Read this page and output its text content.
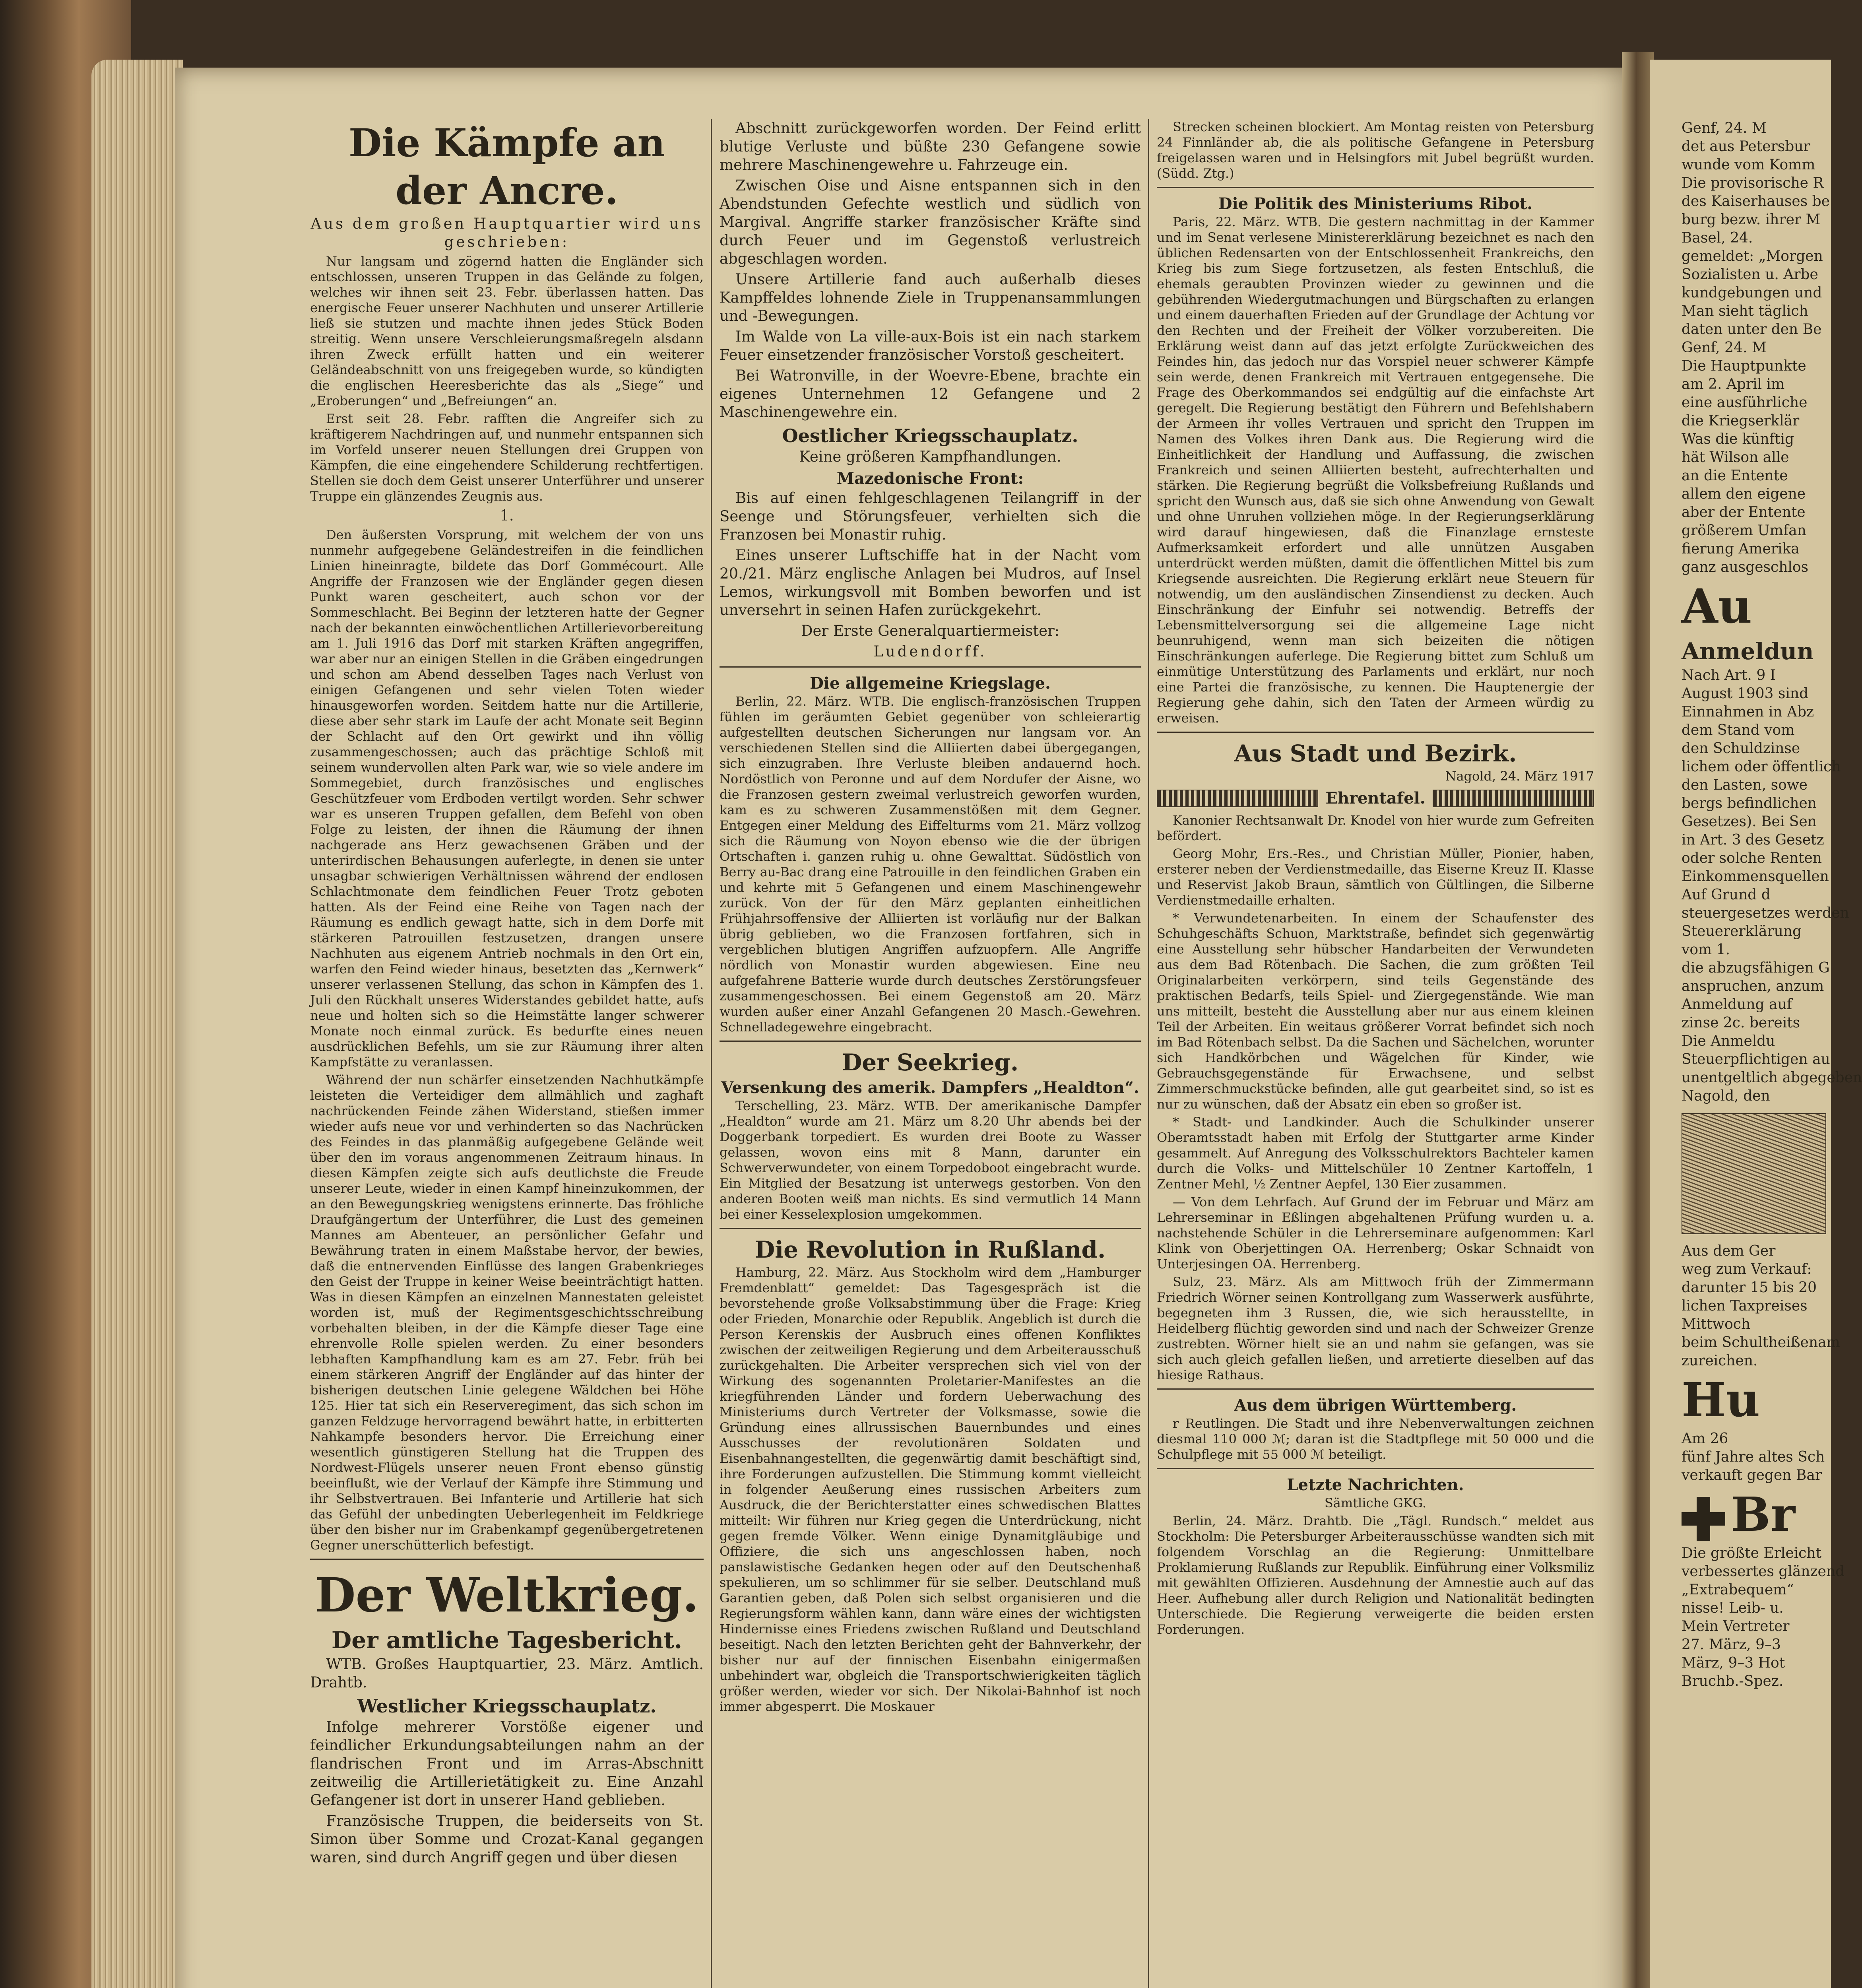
Die Kämpfe an der Ancre.

Aus dem großen Hauptquartier wird uns geschrieben:

Nur langsam und zögernd hatten die Engländer sich entschlossen, unseren Truppen in das Gelände zu folgen, welches wir ihnen seit 23. Febr. überlassen hatten. Das energische Feuer unserer Nachhuten und unserer Artillerie ließ sie stutzen und machte ihnen jedes Stück Boden streitig. Wenn unsere Verschleierungsmaßregeln alsdann ihren Zweck erfüllt hatten und ein weiterer Geländeabschnitt von uns freigegeben wurde, so kündigten die englischen Heeresberichte das als „Siege“ und „Eroberungen“ und „Befreiungen“ an.

Erst seit 28. Febr. rafften die Angreifer sich zu kräftigerem Nachdringen auf, und nunmehr entspannen sich im Vorfeld unserer neuen Stellungen drei Gruppen von Kämpfen, die eine eingehendere Schilderung rechtfertigen. Stellen sie doch dem Geist unserer Unterführer und unserer Truppe ein glänzendes Zeugnis aus.

1.

Den äußersten Vorsprung, mit welchem der von uns nunmehr aufgegebene Geländestreifen in die feindlichen Linien hineinragte, bildete das Dorf Gommécourt. Alle Angriffe der Franzosen wie der Engländer gegen diesen Punkt waren gescheitert, auch schon vor der Sommeschlacht. Bei Beginn der letzteren hatte der Gegner nach der bekannten einwöchentlichen Artillerievorbereitung am 1. Juli 1916 das Dorf mit starken Kräften angegriffen, war aber nur an einigen Stellen in die Gräben eingedrungen und schon am Abend desselben Tages nach Verlust von einigen Gefangenen und sehr vielen Toten wieder hinausgeworfen worden. Seitdem hatte nur die Artillerie, diese aber sehr stark im Laufe der acht Monate seit Beginn der Schlacht auf den Ort gewirkt und ihn völlig zusammengeschossen; auch das prächtige Schloß mit seinem wundervollen alten Park war, wie so viele andere im Sommegebiet, durch französisches und englisches Geschützfeuer vom Erdboden vertilgt worden. Sehr schwer war es unseren Truppen gefallen, dem Befehl von oben Folge zu leisten, der ihnen die Räumung der ihnen nachgerade ans Herz gewachsenen Gräben und der unterirdischen Behausungen auferlegte, in denen sie unter unsagbar schwierigen Verhältnissen während der endlosen Schlachtmonate dem feindlichen Feuer Trotz geboten hatten. Als der Feind eine Reihe von Tagen nach der Räumung es endlich gewagt hatte, sich in dem Dorfe mit stärkeren Patrouillen festzusetzen, drangen unsere Nachhuten aus eigenem Antrieb nochmals in den Ort ein, warfen den Feind wieder hinaus, besetzten das „Kernwerk“ unserer verlassenen Stellung, das schon in Kämpfen des 1. Juli den Rückhalt unseres Widerstandes gebildet hatte, aufs neue und holten sich so die Heimstätte langer schwerer Monate noch einmal zurück. Es bedurfte eines neuen ausdrücklichen Befehls, um sie zur Räumung ihrer alten Kampfstätte zu veranlassen.

Während der nun schärfer einsetzenden Nachhutkämpfe leisteten die Verteidiger dem allmählich und zaghaft nachrückenden Feinde zähen Widerstand, stießen immer wieder aufs neue vor und verhinderten so das Nachrücken des Feindes in das planmäßig aufgegebene Gelände weit über den im voraus angenommenen Zeitraum hinaus. In diesen Kämpfen zeigte sich aufs deutlichste die Freude unserer Leute, wieder in einen Kampf hineinzukommen, der an den Bewegungskrieg wenigstens erinnerte. Das fröhliche Draufgängertum der Unterführer, die Lust des gemeinen Mannes am Abenteuer, an persönlicher Gefahr und Bewährung traten in einem Maßstabe hervor, der bewies, daß die entnervenden Einflüsse des langen Grabenkrieges den Geist der Truppe in keiner Weise beeinträchtigt hatten. Was in diesen Kämpfen an einzelnen Mannestaten geleistet worden ist, muß der Regimentsgeschichtsschreibung vorbehalten bleiben, in der die Kämpfe dieser Tage eine ehrenvolle Rolle spielen werden. Zu einer besonders lebhaften Kampfhandlung kam es am 27. Febr. früh bei einem stärkeren Angriff der Engländer auf das hinter der bisherigen deutschen Linie gelegene Wäldchen bei Höhe 125. Hier tat sich ein Reserveregiment, das sich schon im ganzen Feldzuge hervorragend bewährt hatte, in erbitterten Nahkampfe besonders hervor. Die Erreichung einer wesentlich günstigeren Stellung hat die Truppen des Nordwest-Flügels unserer neuen Front ebenso günstig beeinflußt, wie der Verlauf der Kämpfe ihre Stimmung und ihr Selbstvertrauen. Bei Infanterie und Artillerie hat sich das Gefühl der unbedingten Ueberlegenheit im Feldkriege über den bisher nur im Grabenkampf gegenübergetretenen Gegner unerschütterlich befestigt.

Der Weltkrieg.
Der amtliche Tagesbericht.

WTB. Großes Hauptquartier, 23. März. Amtlich. Drahtb.

Westlicher Kriegsschauplatz.

Infolge mehrerer Vorstöße eigener und feindlicher Erkundungsabteilungen nahm an der flandrischen Front und im Arras-Abschnitt zeitweilig die Artillerietätigkeit zu. Eine Anzahl Gefangener ist dort in unserer Hand geblieben.

Französische Truppen, die beiderseits von St. Simon über Somme und Crozat-Kanal gegangen waren, sind durch Angriff gegen und über diesen

Abschnitt zurückgeworfen worden. Der Feind erlitt blutige Verluste und büßte 230 Gefangene sowie mehrere Maschinengewehre u. Fahrzeuge ein.

Zwischen Oise und Aisne entspannen sich in den Abendstunden Gefechte westlich und südlich von Margival. Angriffe starker französischer Kräfte sind durch Feuer und im Gegenstoß verlustreich abgeschlagen worden.

Unsere Artillerie fand auch außerhalb dieses Kampffeldes lohnende Ziele in Truppenansammlungen und -Bewegungen.

Im Walde von La ville-aux-Bois ist ein nach starkem Feuer einsetzender französischer Vorstoß gescheitert.

Bei Watronville, in der Woevre-Ebene, brachte ein eigenes Unternehmen 12 Gefangene und 2 Maschinengewehre ein.

Oestlicher Kriegsschauplatz.

Keine größeren Kampfhandlungen.

Mazedonische Front:

Bis auf einen fehlgeschlagenen Teilangriff in der Seenge und Störungsfeuer, verhielten sich die Franzosen bei Monastir ruhig.

Eines unserer Luftschiffe hat in der Nacht vom 20./21. März englische Anlagen bei Mudros, auf Insel Lemos, wirkungsvoll mit Bomben beworfen und ist unversehrt in seinen Hafen zurückgekehrt.

Der Erste Generalquartiermeister:

Ludendorff.

Die allgemeine Kriegslage.

Berlin, 22. März. WTB. Die englisch-französischen Truppen fühlen im geräumten Gebiet gegenüber von schleierartig aufgestellten deutschen Sicherungen nur langsam vor. An verschiedenen Stellen sind die Alliierten dabei übergegangen, sich einzugraben. Ihre Verluste bleiben andauernd hoch. Nordöstlich von Peronne und auf dem Nordufer der Aisne, wo die Franzosen gestern zweimal verlustreich geworfen wurden, kam es zu schweren Zusammenstößen mit dem Gegner. Entgegen einer Meldung des Eiffelturms vom 21. März vollzog sich die Räumung von Noyon ebenso wie die der übrigen Ortschaften i. ganzen ruhig u. ohne Gewalttat. Südöstlich von Berry au-Bac drang eine Patrouille in den feindlichen Graben ein und kehrte mit 5 Gefangenen und einem Maschinengewehr zurück. Von der für den März geplanten einheitlichen Frühjahrsoffensive der Alliierten ist vorläufig nur der Balkan übrig geblieben, wo die Franzosen fortfahren, sich in vergeblichen blutigen Angriffen aufzuopfern. Alle Angriffe nördlich von Monastir wurden abgewiesen. Eine neu aufgefahrene Batterie wurde durch deutsches Zerstörungsfeuer zusammengeschossen. Bei einem Gegenstoß am 20. März wurden außer einer Anzahl Gefangenen 20 Masch.-Gewehren. Schnelladegewehre eingebracht.

Der Seekrieg.
Versenkung des amerik. Dampfers „Healdton“.

Terschelling, 23. März. WTB. Der amerikanische Dampfer „Healdton“ wurde am 21. März um 8.20 Uhr abends bei der Doggerbank torpediert. Es wurden drei Boote zu Wasser gelassen, wovon eins mit 8 Mann, darunter ein Schwerverwundeter, von einem Torpedoboot eingebracht wurde. Ein Mitglied der Besatzung ist unterwegs gestorben. Von den anderen Booten weiß man nichts. Es sind vermutlich 14 Mann bei einer Kesselexplosion umgekommen.

Die Revolution in Rußland.

Hamburg, 22. März. Aus Stockholm wird dem „Hamburger Fremdenblatt“ gemeldet: Das Tagesgespräch ist die bevorstehende große Volksabstimmung über die Frage: Krieg oder Frieden, Monarchie oder Republik. Angeblich ist durch die Person Kerenskis der Ausbruch eines offenen Konfliktes zwischen der zeitweiligen Regierung und dem Arbeiterausschuß zurückgehalten. Die Arbeiter versprechen sich viel von der Wirkung des sogenannten Proletarier-Manifestes an die kriegführenden Länder und fordern Ueberwachung des Ministeriums durch Vertreter der Volksmasse, sowie die Gründung eines allrussischen Bauernbundes und eines Ausschusses der revolutionären Soldaten und Eisenbahnangestellten, die gegenwärtig damit beschäftigt sind, ihre Forderungen aufzustellen. Die Stimmung kommt vielleicht in folgender Aeußerung eines russischen Arbeiters zum Ausdruck, die der Berichterstatter eines schwedischen Blattes mitteilt: Wir führen nur Krieg gegen die Unterdrückung, nicht gegen fremde Völker. Wenn einige Dynamitgläubige und Offiziere, die sich uns angeschlossen haben, noch panslawistische Gedanken hegen oder auf den Deutschenhaß spekulieren, um so schlimmer für sie selber. Deutschland muß Garantien geben, daß Polen sich selbst organisieren und die Regierungsform wählen kann, dann wäre eines der wichtigsten Hindernisse eines Friedens zwischen Rußland und Deutschland beseitigt. Nach den letzten Berichten geht der Bahnverkehr, der bisher nur auf der finnischen Eisenbahn einigermaßen unbehindert war, obgleich die Transportschwierigkeiten täglich größer werden, wieder vor sich. Der Nikolai-Bahnhof ist noch immer abgesperrt. Die Moskauer

Strecken scheinen blockiert. Am Montag reisten von Petersburg 24 Finnländer ab, die als politische Gefangene in Petersburg freigelassen waren und in Helsingfors mit Jubel begrüßt wurden. (Südd. Ztg.)

Die Politik des Ministeriums Ribot.

Paris, 22. März. WTB. Die gestern nachmittag in der Kammer und im Senat verlesene Ministererklärung bezeichnet es nach den üblichen Redensarten von der Entschlossenheit Frankreichs, den Krieg bis zum Siege fortzusetzen, als festen Entschluß, die ehemals geraubten Provinzen wieder zu gewinnen und die gebührenden Wiedergutmachungen und Bürgschaften zu erlangen und einem dauerhaften Frieden auf der Grundlage der Achtung vor den Rechten und der Freiheit der Völker vorzubereiten. Die Erklärung weist dann auf das jetzt erfolgte Zurückweichen des Feindes hin, das jedoch nur das Vorspiel neuer schwerer Kämpfe sein werde, denen Frankreich mit Vertrauen entgegensehe. Die Frage des Oberkommandos sei endgültig auf die einfachste Art geregelt. Die Regierung bestätigt den Führern und Befehlshabern der Armeen ihr volles Vertrauen und spricht den Truppen im Namen des Volkes ihren Dank aus. Die Regierung wird die Einheitlichkeit der Handlung und Auffassung, die zwischen Frankreich und seinen Alliierten besteht, aufrechterhalten und stärken. Die Regierung begrüßt die Volksbefreiung Rußlands und spricht den Wunsch aus, daß sie sich ohne Anwendung von Gewalt und ohne Unruhen vollziehen möge. In der Regierungserklärung wird darauf hingewiesen, daß die Finanzlage ernsteste Aufmerksamkeit erfordert und alle unnützen Ausgaben unterdrückt werden müßten, damit die öffentlichen Mittel bis zum Kriegsende ausreichten. Die Regierung erklärt neue Steuern für notwendig, um den ausländischen Zinsendienst zu decken. Auch Einschränkung der Einfuhr sei notwendig. Betreffs der Lebensmittelversorgung sei die allgemeine Lage nicht beunruhigend, wenn man sich beizeiten die nötigen Einschränkungen auferlege. Die Regierung bittet zum Schluß um einmütige Unterstützung des Parlaments und erklärt, nur noch eine Partei die französische, zu kennen. Die Hauptenergie der Regierung gehe dahin, sich den Taten der Armeen würdig zu erweisen.

Aus Stadt und Bezirk.

Nagold, 24. März 1917

Ehrentafel.

Kanonier Rechtsanwalt Dr. Knodel von hier wurde zum Gefreiten befördert.

Georg Mohr, Ers.-Res., und Christian Müller, Pionier, haben, ersterer neben der Verdienstmedaille, das Eiserne Kreuz II. Klasse und Reservist Jakob Braun, sämtlich von Gültlingen, die Silberne Verdienstmedaille erhalten.

* Verwundetenarbeiten. In einem der Schaufenster des Schuhgeschäfts Schuon, Marktstraße, befindet sich gegenwärtig eine Ausstellung sehr hübscher Handarbeiten der Verwundeten aus dem Bad Rötenbach. Die Sachen, die zum größten Teil Originalarbeiten verkörpern, sind teils Gegenstände des praktischen Bedarfs, teils Spiel- und Ziergegenstände. Wie man uns mitteilt, besteht die Ausstellung aber nur aus einem kleinen Teil der Arbeiten. Ein weitaus größerer Vorrat befindet sich noch im Bad Rötenbach selbst. Da die Sachen und Sächelchen, worunter sich Handkörbchen und Wägelchen für Kinder, wie Gebrauchsgegenstände für Erwachsene, und selbst Zimmerschmuckstücke befinden, alle gut gearbeitet sind, so ist es nur zu wünschen, daß der Absatz ein eben so großer ist.

* Stadt- und Landkinder. Auch die Schulkinder unserer Oberamtsstadt haben mit Erfolg der Stuttgarter arme Kinder gesammelt. Auf Anregung des Volksschulrektors Bachteler kamen durch die Volks- und Mittelschüler 10 Zentner Kartoffeln, 1 Zentner Mehl, ½ Zentner Aepfel, 130 Eier zusammen.

— Von dem Lehrfach. Auf Grund der im Februar und März am Lehrerseminar in Eßlingen abgehaltenen Prüfung wurden u. a. nachstehende Schüler in die Lehrerseminare aufgenommen: Karl Klink von Oberjettingen OA. Herrenberg; Oskar Schnaidt von Unterjesingen OA. Herrenberg.

Sulz, 23. März. Als am Mittwoch früh der Zimmermann Friedrich Wörner seinen Kontrollgang zum Wasserwerk ausführte, begegneten ihm 3 Russen, die, wie sich herausstellte, in Heidelberg flüchtig geworden sind und nach der Schweizer Grenze zustrebten. Wörner hielt sie an und nahm sie gefangen, was sie sich auch gleich gefallen ließen, und arretierte dieselben auf das hiesige Rathaus.

Aus dem übrigen Württemberg.

r Reutlingen. Die Stadt und ihre Nebenverwaltungen zeichnen diesmal 110 000 ℳ; daran ist die Stadtpflege mit 50 000 und die Schulpflege mit 55 000 ℳ beteiligt.

Letzte Nachrichten.

Sämtliche GKG.

Berlin, 24. März. Drahtb. Die „Tägl. Rundsch.“ meldet aus Stockholm: Die Petersburger Arbeiterausschüsse wandten sich mit folgendem Vorschlag an die Regierung: Unmittelbare Proklamierung Rußlands zur Republik. Einführung einer Volksmiliz mit gewählten Offizieren. Ausdehnung der Amnestie auch auf das Heer. Aufhebung aller durch Religion und Nationalität bedingten Unterschiede. Die Regierung verweigerte die beiden ersten Forderungen.

Genf, 24. M
det aus Petersbur
wunde vom Komm
Die provisorische R
des Kaiserhauses be
burg bezw. ihrer M
Basel, 24.
gemeldet: „Morgen
Sozialisten u. Arbe
kundgebungen und
Man sieht täglich
daten unter den Be
Genf, 24. M
Die Hauptpunkte
am 2. April im
eine ausführliche
die Kriegserklär
Was die künftig
hät Wilson alle
an die Entente
allem den eigene
aber der Entente
größerem Umfan
fierung Amerika
ganz ausgeschlos
Au
Anmeldun
Nach Art. 9 I
August 1903 sind
Einnahmen in Abz
dem Stand vom
den Schuldzinse
lichem oder öffentlich
den Lasten, sowe
bergs befindlichen
Gesetzes). Bei Sen
in Art. 3 des Gesetz
oder solche Renten
Einkommensquellen
Auf Grund d
steuergesetzes werden
Steuererklärung
vom 1.
die abzugsfähigen G
anspruchen, anzum
Anmeldung auf
zinse 2c. bereits
Die Anmeldu
Steuerpflichtigen au
unentgeltlich abgegeben
Nagold, den
Aus dem Ger
weg zum Verkauf:
darunter 15 bis 20
lichen Taxpreises
Mittwoch
beim Schultheißenam
zureichen.
Hu
Am 26
fünf Jahre altes Sch
verkauft gegen Bar
Br
Die größte Erleicht
verbessertes glänzend
„Extrabequem“
nisse! Leib- u.
Mein Vertreter
27. März, 9–3
März, 9–3 Hot
Bruchb.-Spez.
